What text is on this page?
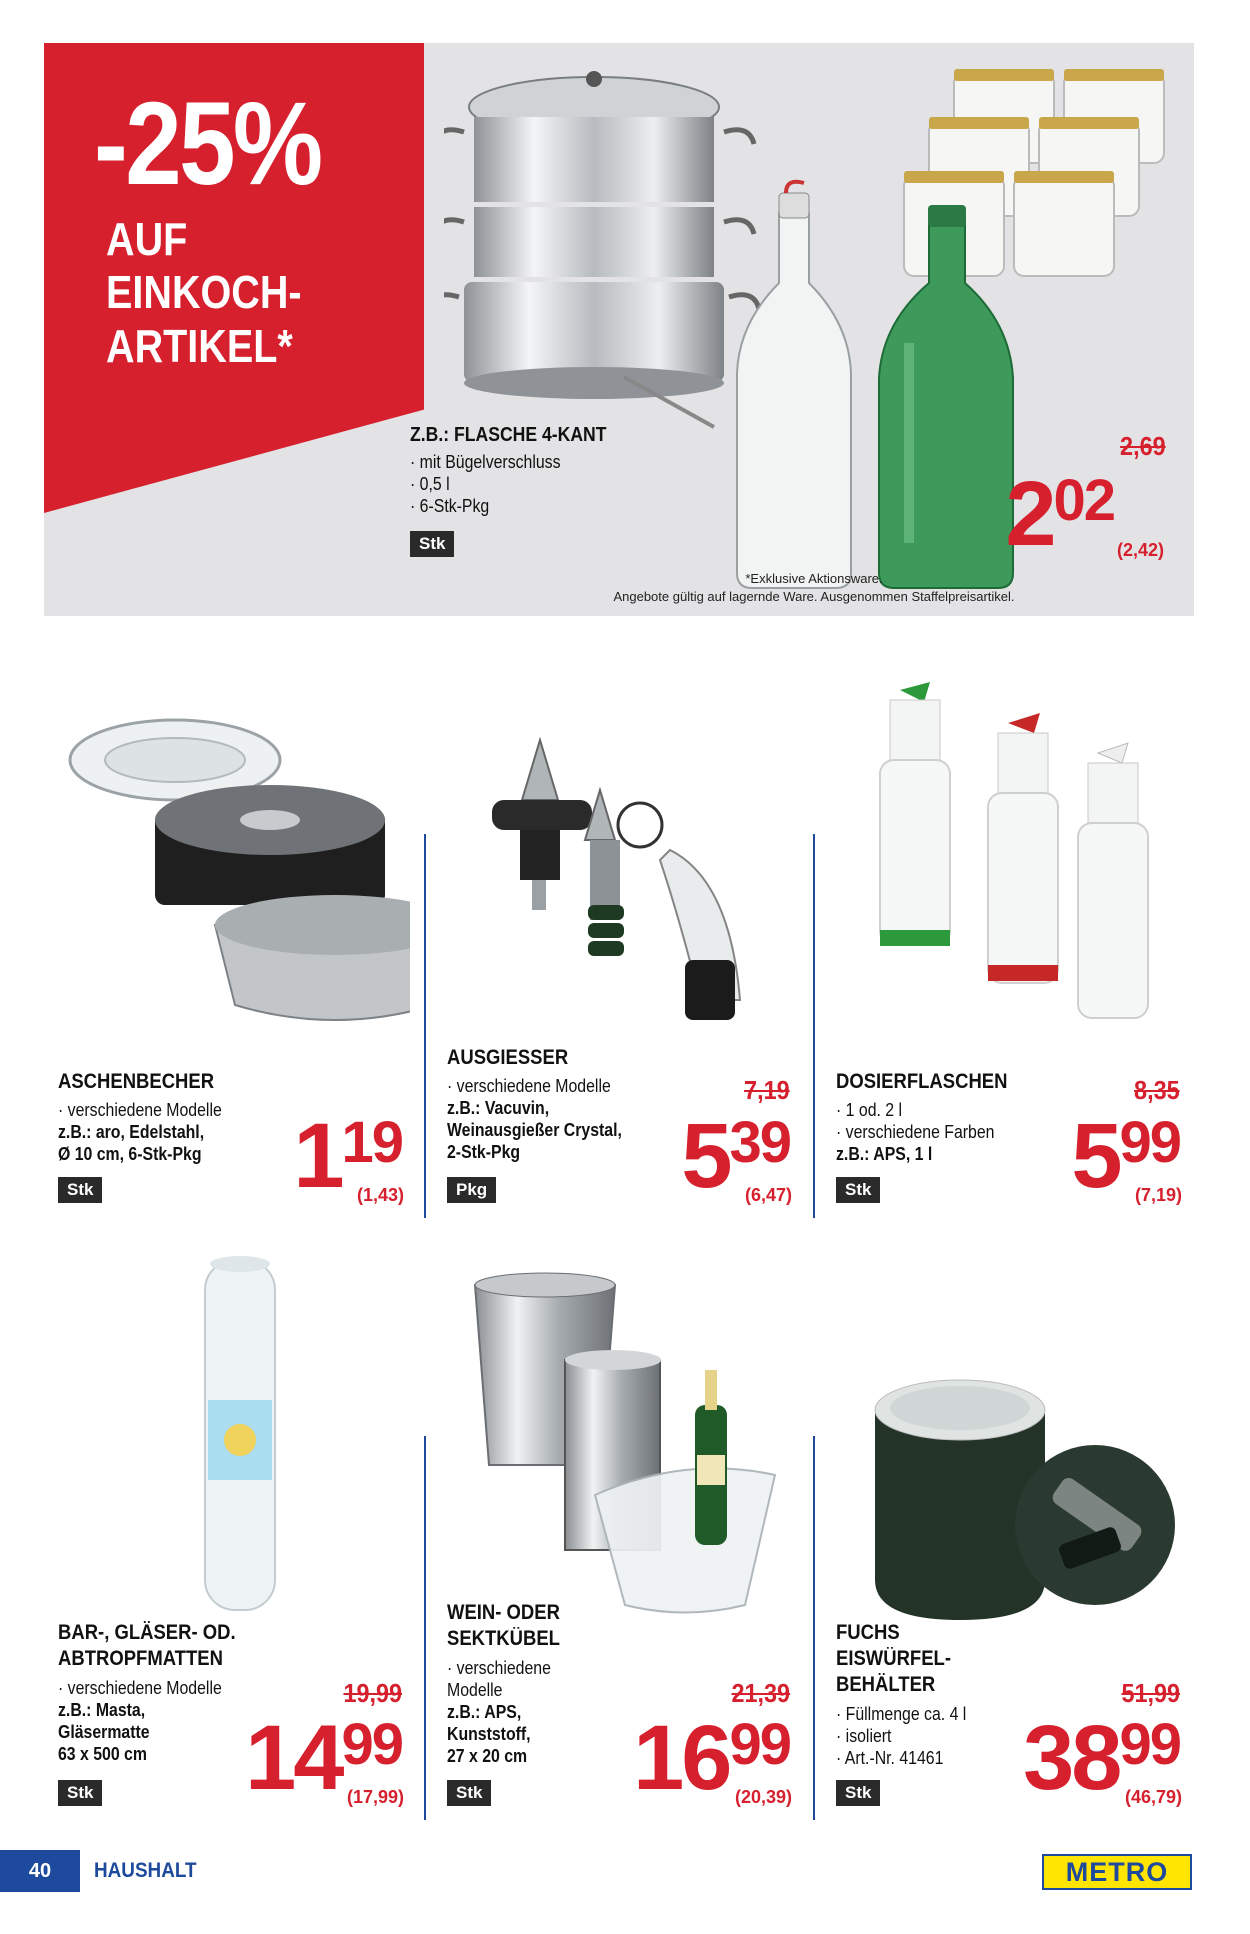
-25%
AUF
EINKOCH-
ARTIKEL*
Z.B.: FLASCHE 4-KANT
· mit Bügelverschluss
· 0,5 l
· 6-Stk-Pkg
Stk
2,69
202
(2,42)
*Exklusive Aktionsware.
Angebote gültig auf lagernde Ware. Ausgenommen Staffelpreisartikel.
ASCHENBECHER
· verschiedene Modelle
z.B.: aro, Edelstahl,
Ø 10 cm, 6-Stk-Pkg
Stk 119
(1,43)
AUSGIESSER
· verschiedene Modelle
z.B.: Vacuvin,
Weinausgießer Crystal,
2-Stk-Pkg
Pkg
7,19
539
(6,47)
DOSIERFLASCHEN
· 1 od. 2 l
· verschiedene Farben
z.B.: APS, 1 l
Stk
8,35
599
(7,19)
BAR-, GLÄSER- OD.
ABTROPFMATTEN
· verschiedene Modelle
z.B.: Masta,
Gläsermatte
63 x 500 cm
Stk
19,99
1499
(17,99)
WEIN- ODER
SEKTKÜBEL
· verschiedene
Modelle
z.B.: APS,
Kunststoff,
27 x 20 cm
Stk
21,39
1699
(20,39)
FUCHS
EISWÜRFEL-
BEHÄLTER
· Füllmenge ca. 4 l
· isoliert
· Art.-Nr. 41461
Stk
51,99
3899
(46,79)
40	HAUSHALT	METRO
